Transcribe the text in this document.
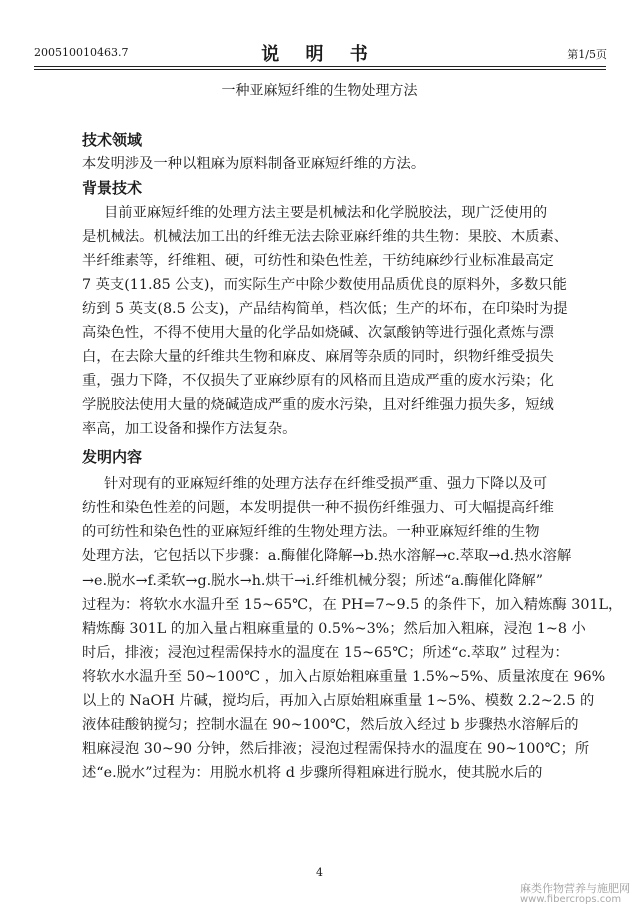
200510010463.7	说 明 书	第1/5页
一种亚麻短纤维的生物处理方法
技术领域
本发明涉及一种以粗麻为原料制备亚麻短纤维的方法。
背景技术
目前亚麻短纤维的处理方法主要是机械法和化学脱胶法，现广泛使用的
是机械法。机械法加工出的纤维无法去除亚麻纤维的共生物：果胶、木质素、
半纤维素等，纤维粗、硬，可纺性和染色性差，干纺纯麻纱行业标准最高定
7 英支(11.85 公支)，而实际生产中除少数使用品质优良的原料外，多数只能
纺到 5 英支(8.5 公支)，产品结构简单，档次低；生产的坏布，在印染时为提
高染色性，不得不使用大量的化学品如烧碱、次氯酸钠等进行强化煮炼与漂
白，在去除大量的纤维共生物和麻皮、麻屑等杂质的同时，织物纤维受损失
重，强力下降，不仅损失了亚麻纱原有的风格而且造成严重的废水污染；化
学脱胶法使用大量的烧碱造成严重的废水污染，且对纤维强力损失多，短绒
率高，加工设备和操作方法复杂。
发明内容
针对现有的亚麻短纤维的处理方法存在纤维受损严重、强力下降以及可
纺性和染色性差的问题，本发明提供一种不损伤纤维强力、可大幅提高纤维
的可纺性和染色性的亚麻短纤维的生物处理方法。一种亚麻短纤维的生物
处理方法，它包括以下步骤：a.酶催化降解→b.热水溶解→c.萃取→d.热水溶解
→e.脱水→f.柔软→g.脱水→h.烘干→i.纤维机械分裂；所述“a.酶催化降解”
过程为：将软水水温升至 15~65℃，在 PH=7~9.5 的条件下，加入精炼酶 301L，
精炼酶 301L 的加入量占粗麻重量的 0.5%~3%；然后加入粗麻，浸泡 1~8 小
时后，排液；浸泡过程需保持水的温度在 15~65℃；所述“c.萃取” 过程为：
将软水水温升至 50~100℃ ，加入占原始粗麻重量 1.5%~5%、质量浓度在 96%
以上的 NaOH 片碱，搅均后，再加入占原始粗麻重量 1~5%、模数 2.2~2.5 的
液体硅酸钠搅匀；控制水温在 90~100℃，然后放入经过 b 步骤热水溶解后的
粗麻浸泡 30~90 分钟，然后排液；浸泡过程需保持水的温度在 90~100℃；所
述“e.脱水”过程为：用脱水机将 d 步骤所得粗麻进行脱水，使其脱水后的
4
麻类作物营养与施肥网
www.fibercrops.com
